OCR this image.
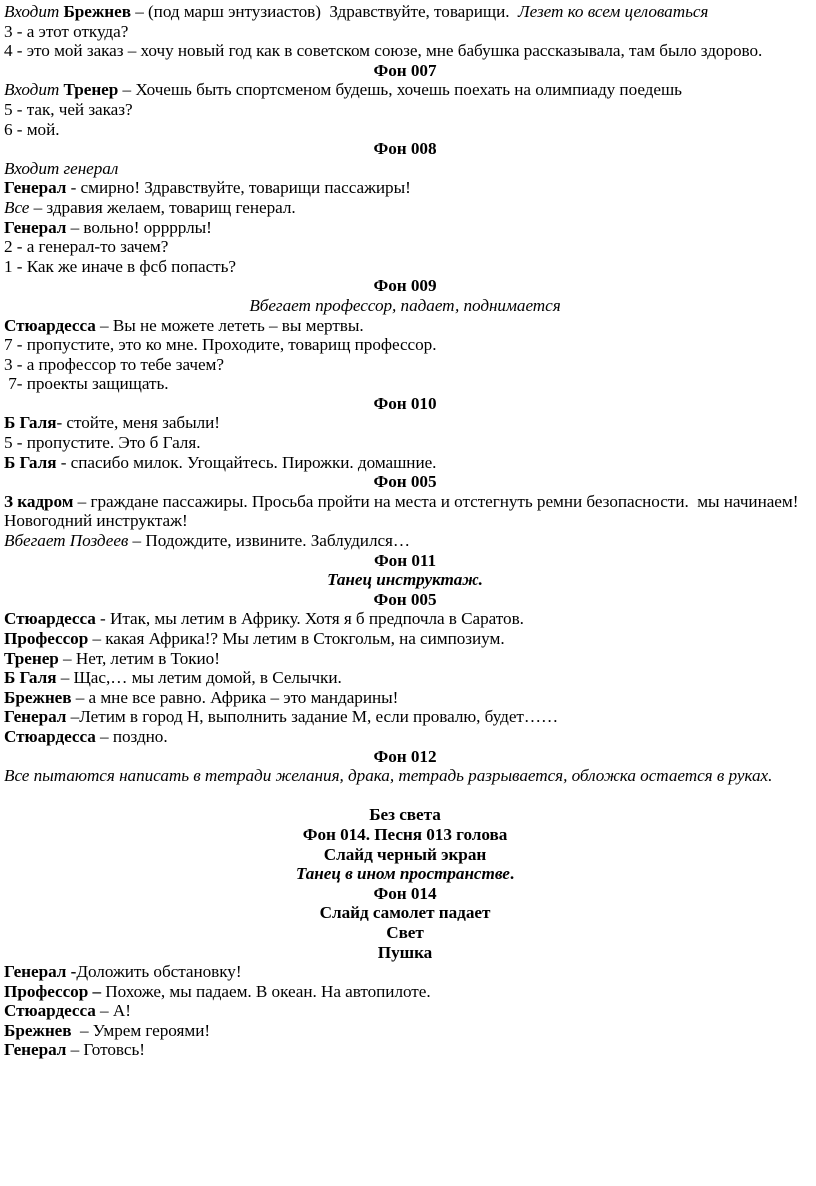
Входит Брежнев – (под марш энтузиастов)  Здравствуйте, товарищи.  Лезет ко всем целоваться
3 - а этот откуда?
4 - это мой заказ – хочу новый год как в советском союзе, мне бабушка рассказывала, там было здорово.
Фон 007
Входит Тренер – Хочешь быть спортсменом будешь, хочешь поехать на олимпиаду поедешь
5 - так, чей заказ?
6 - мой.
Фон 008
Входит генерал
Генерал - смирно! Здравствуйте, товарищи пассажиры!
Все – здравия желаем, товарищ генерал.
Генерал – вольно! оррррлы!
2 - а генерал-то зачем?
1 - Как же иначе в фсб попасть?
Фон 009
Вбегает профессор, падает, поднимается
Стюардесса – Вы не можете лететь – вы мертвы.
7 - пропустите, это ко мне. Проходите, товарищ профессор.
3 - а профессор то тебе зачем?
7- проекты защищать.
Фон 010
Б Галя- стойте, меня забыли!
5 - пропустите. Это б Галя.
Б Галя - спасибо милок. Угощайтесь. Пирожки. домашние.
Фон 005
З кадром – граждане пассажиры. Просьба пройти на места и отстегнуть ремни безопасности.  мы начинаем! Новогодний инструктаж!
Вбегает Поздеев – Подождите, извините. Заблудился…
Фон 011
Танец инструктаж.
Фон 005
Стюардесса - Итак, мы летим в Африку. Хотя я б предпочла в Саратов.
Профессор – какая Африка!? Мы летим в Стокгольм, на симпозиум.
Тренер – Нет, летим в Токио!
Б Галя – Щас,… мы летим домой, в Селычки.
Брежнев – а мне все равно. Африка – это мандарины!
Генерал –Летим в город Н, выполнить задание М, если провалю, будет……
Стюардесса – поздно.
Фон 012
Все пытаются написать в тетради желания, драка, тетрадь разрывается, обложка остается в руках.
Без света
Фон 014. Песня 013 голова
Слайд черный экран
Танец в ином пространстве.
Фон 014
Слайд самолет падает
Свет
Пушка
Генерал -Доложить обстановку!
Профессор – Похоже, мы падаем. В океан. На автопилоте.
Стюардесса – А!
Брежнев  – Умрем героями!
Генерал – Готовсь!
